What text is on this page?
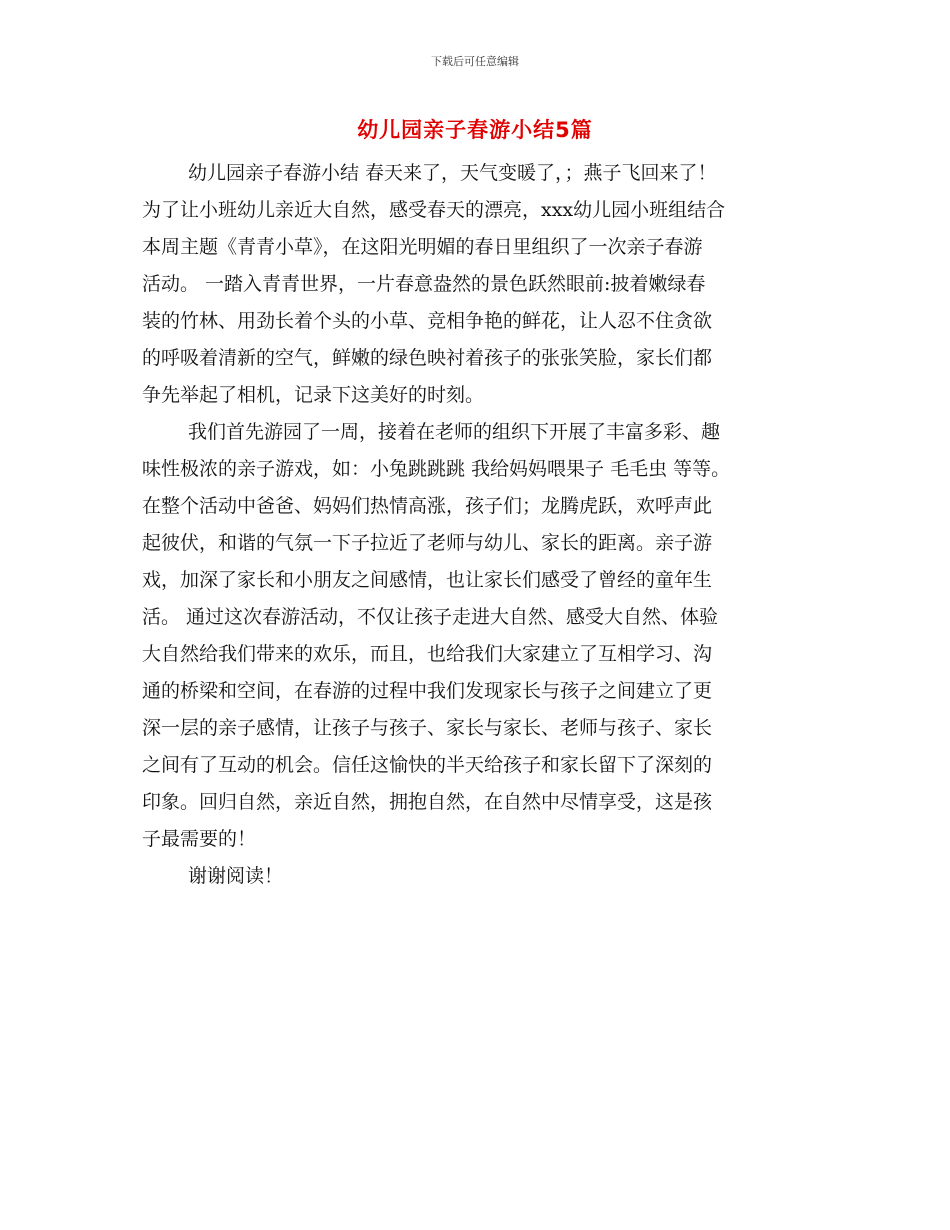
下载后可任意编辑
幼儿园亲子春游小结5篇
幼儿园亲子春游小结 春天来了，天气变暖了，；燕子飞回来了！
为了让小班幼儿亲近大自然，感受春天的漂亮，xxx幼儿园小班组结合
本周主题《青青小草》，在这阳光明媚的春日里组织了一次亲子春游
活动。 一踏入青青世界，一片春意盎然的景色跃然眼前:披着嫩绿春
装的竹林、用劲长着个头的小草、竞相争艳的鲜花，让人忍不住贪欲
的呼吸着清新的空气，鲜嫩的绿色映衬着孩子的张张笑脸，家长们都
争先举起了相机，记录下这美好的时刻。
我们首先游园了一周，接着在老师的组织下开展了丰富多彩、趣
味性极浓的亲子游戏，如：小兔跳跳跳 我给妈妈喂果子 毛毛虫 等等。
在整个活动中爸爸、妈妈们热情高涨，孩子们；龙腾虎跃，欢呼声此
起彼伏，和谐的气氛一下子拉近了老师与幼儿、家长的距离。亲子游
戏，加深了家长和小朋友之间感情，也让家长们感受了曾经的童年生
活。 通过这次春游活动，不仅让孩子走进大自然、感受大自然、体验
大自然给我们带来的欢乐，而且，也给我们大家建立了互相学习、沟
通的桥梁和空间，在春游的过程中我们发现家长与孩子之间建立了更
深一层的亲子感情，让孩子与孩子、家长与家长、老师与孩子、家长
之间有了互动的机会。信任这愉快的半天给孩子和家长留下了深刻的
印象。回归自然，亲近自然，拥抱自然，在自然中尽情享受，这是孩
子最需要的！
谢谢阅读！
